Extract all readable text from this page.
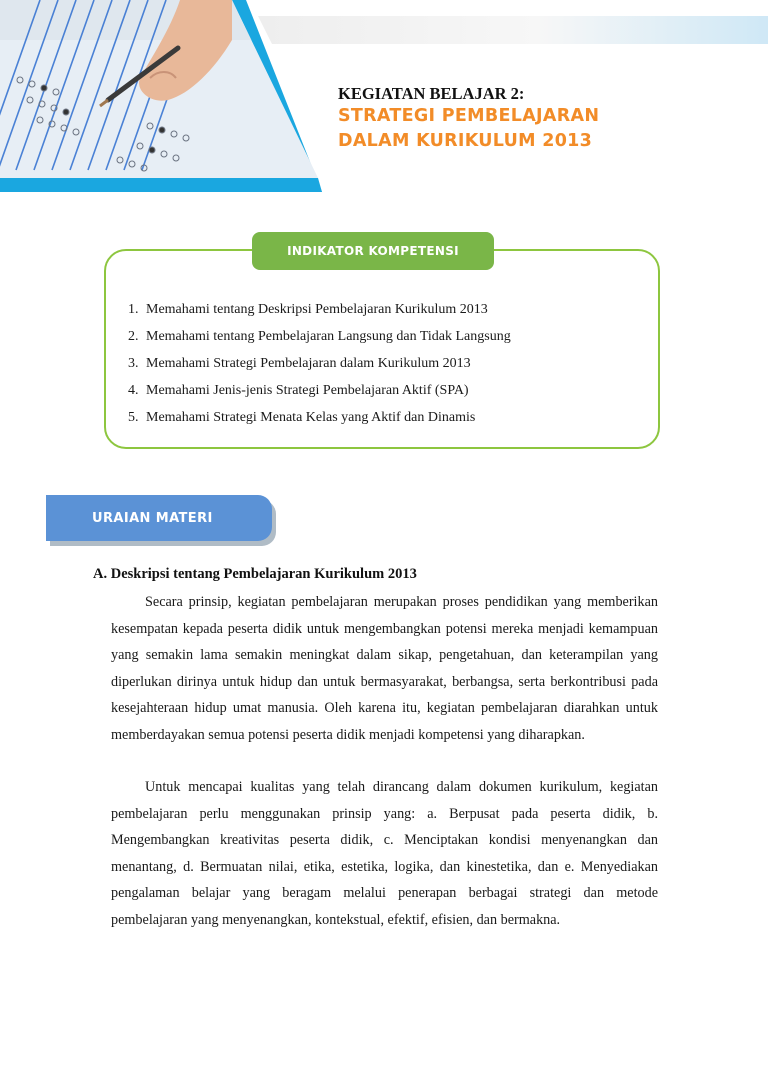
KEGIATAN BELAJAR 2:
STRATEGI PEMBELAJARAN
DALAM KURIKULUM 2013
INDIKATOR KOMPETENSI
1. Memahami tentang Deskripsi Pembelajaran Kurikulum 2013
2. Memahami tentang Pembelajaran Langsung dan Tidak Langsung
3. Memahami Strategi Pembelajaran dalam Kurikulum 2013
4. Memahami Jenis-jenis Strategi Pembelajaran Aktif (SPA)
5. Memahami Strategi Menata Kelas yang Aktif dan Dinamis
URAIAN MATERI
A. Deskripsi tentang Pembelajaran Kurikulum 2013

Secara prinsip, kegiatan pembelajaran merupakan proses pendidikan yang memberikan kesempatan kepada peserta didik untuk mengembangkan potensi mereka menjadi kemampuan yang semakin lama semakin meningkat dalam sikap, pengetahuan, dan keterampilan yang diperlukan dirinya untuk hidup dan untuk bermasyarakat, berbangsa, serta berkontribusi pada kesejahteraan hidup umat manusia. Oleh karena itu, kegiatan pembelajaran diarahkan untuk memberdayakan semua potensi peserta didik menjadi kompetensi yang diharapkan.

Untuk mencapai kualitas yang telah dirancang dalam dokumen kurikulum, kegiatan pembelajaran perlu menggunakan prinsip yang: a. Berpusat pada peserta didik, b. Mengembangkan kreativitas peserta didik, c. Menciptakan kondisi menyenangkan dan menantang, d. Bermuatan nilai, etika, estetika, logika, dan kinestetika, dan e. Menyediakan pengalaman belajar yang beragam melalui penerapan berbagai strategi dan metode pembelajaran yang menyenangkan, kontekstual, efektif, efisien, dan bermakna.
